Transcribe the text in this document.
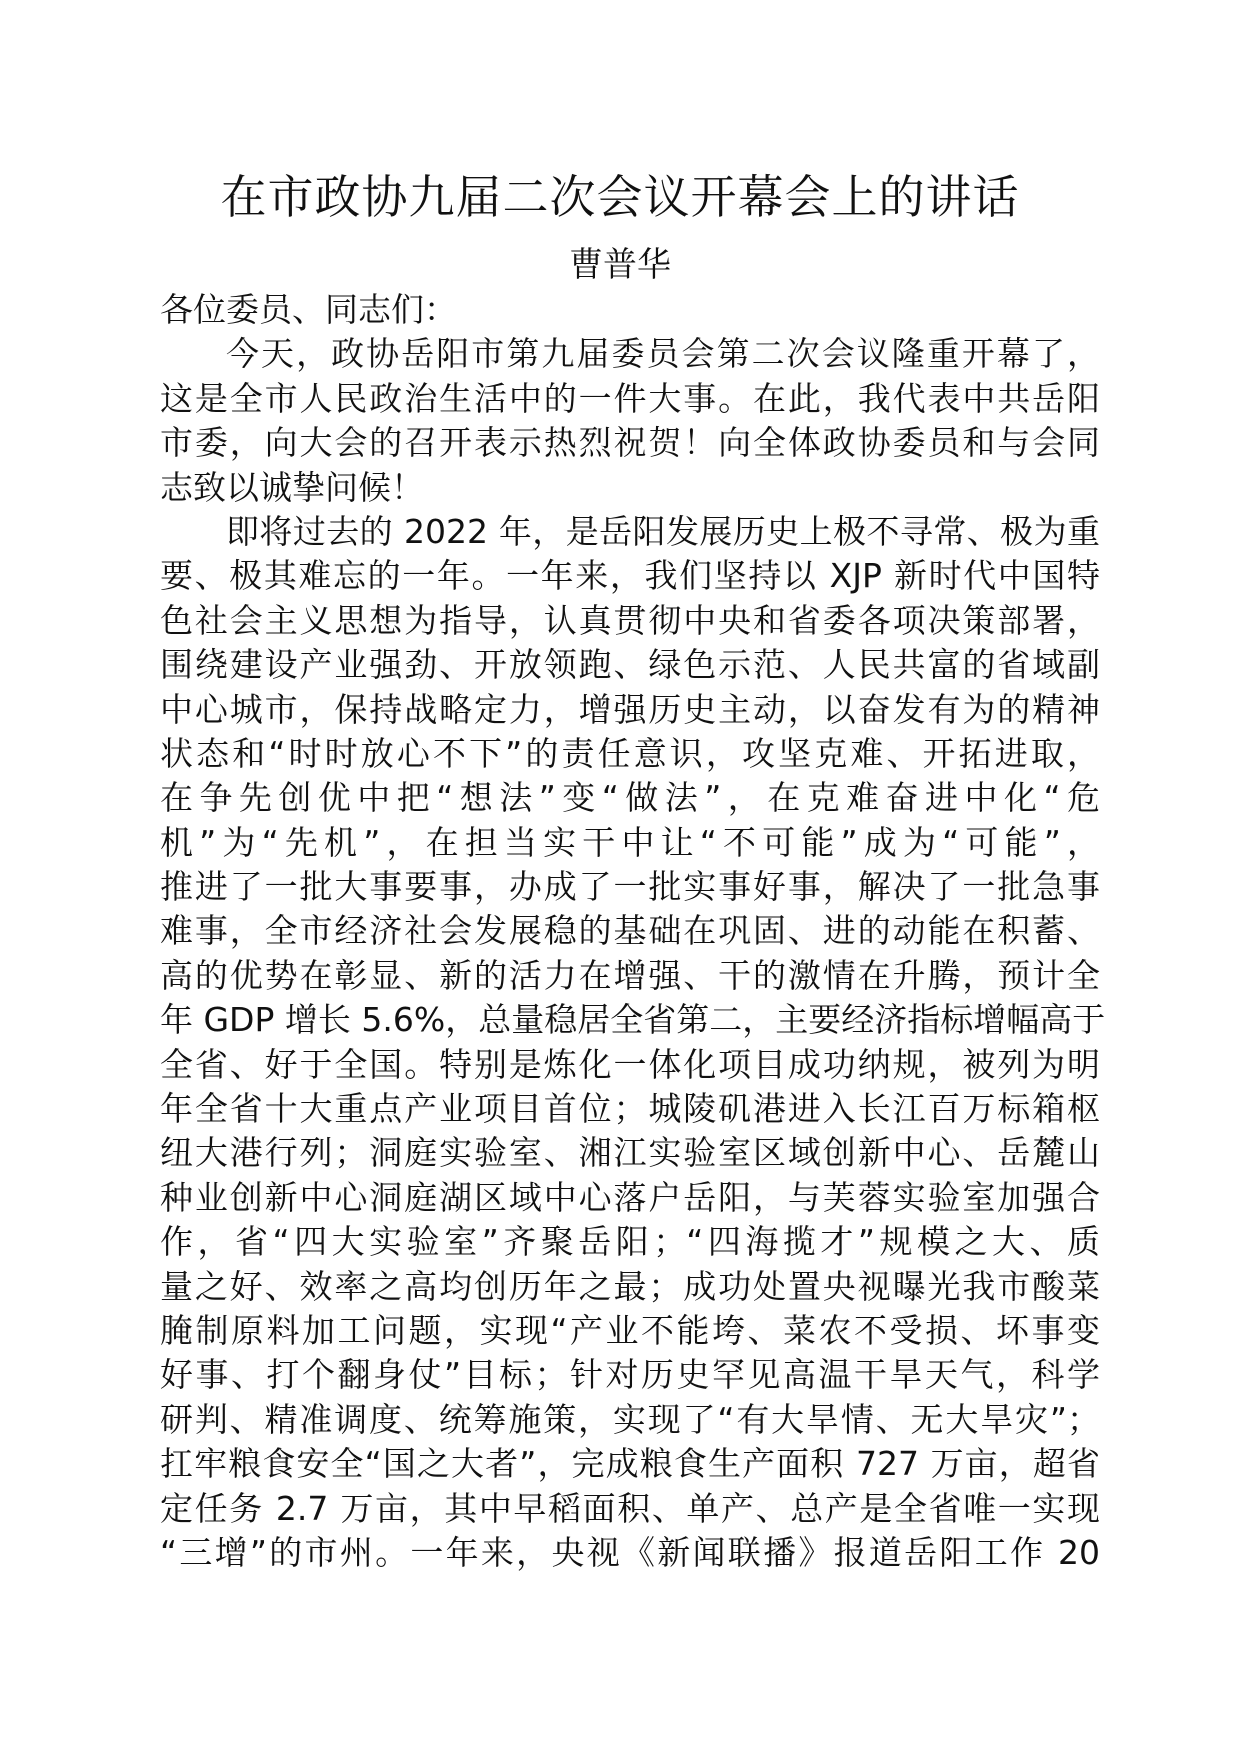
在市政协九届二次会议开幕会上的讲话
曹普华
各位委员、同志们：
今天，政协岳阳市第九届委员会第二次会议隆重开幕了，
这是全市人民政治生活中的一件大事。在此，我代表中共岳阳
市委，向大会的召开表示热烈祝贺！向全体政协委员和与会同
志致以诚挚问候！
即将过去的 2022 年，是岳阳发展历史上极不寻常、极为重
要、极其难忘的一年。一年来，我们坚持以 XJP 新时代中国特
色社会主义思想为指导，认真贯彻中央和省委各项决策部署，
围绕建设产业强劲、开放领跑、绿色示范、人民共富的省域副
中心城市，保持战略定力，增强历史主动，以奋发有为的精神
状态和“时时放心不下”的责任意识，攻坚克难、开拓进取，
在争先创优中把“想法”变“做法”，在克难奋进中化“危
机”为“先机”，在担当实干中让“不可能”成为“可能”，
推进了一批大事要事，办成了一批实事好事，解决了一批急事
难事，全市经济社会发展稳的基础在巩固、进的动能在积蓄、
高的优势在彰显、新的活力在增强、干的激情在升腾，预计全
年 GDP 增长 5.6%，总量稳居全省第二，主要经济指标增幅高于
全省、好于全国。特别是炼化一体化项目成功纳规，被列为明
年全省十大重点产业项目首位；城陵矶港进入长江百万标箱枢
纽大港行列；洞庭实验室、湘江实验室区域创新中心、岳麓山
种业创新中心洞庭湖区域中心落户岳阳，与芙蓉实验室加强合
作，省“四大实验室”齐聚岳阳；“四海揽才”规模之大、质
量之好、效率之高均创历年之最；成功处置央视曝光我市酸菜
腌制原料加工问题，实现“产业不能垮、菜农不受损、坏事变
好事、打个翻身仗”目标；针对历史罕见高温干旱天气，科学
研判、精准调度、统筹施策，实现了“有大旱情、无大旱灾”；
扛牢粮食安全“国之大者”，完成粮食生产面积 727 万亩，超省
定任务 2.7 万亩，其中早稻面积、单产、总产是全省唯一实现
“三增”的市州。一年来，央视《新闻联播》报道岳阳工作 20
